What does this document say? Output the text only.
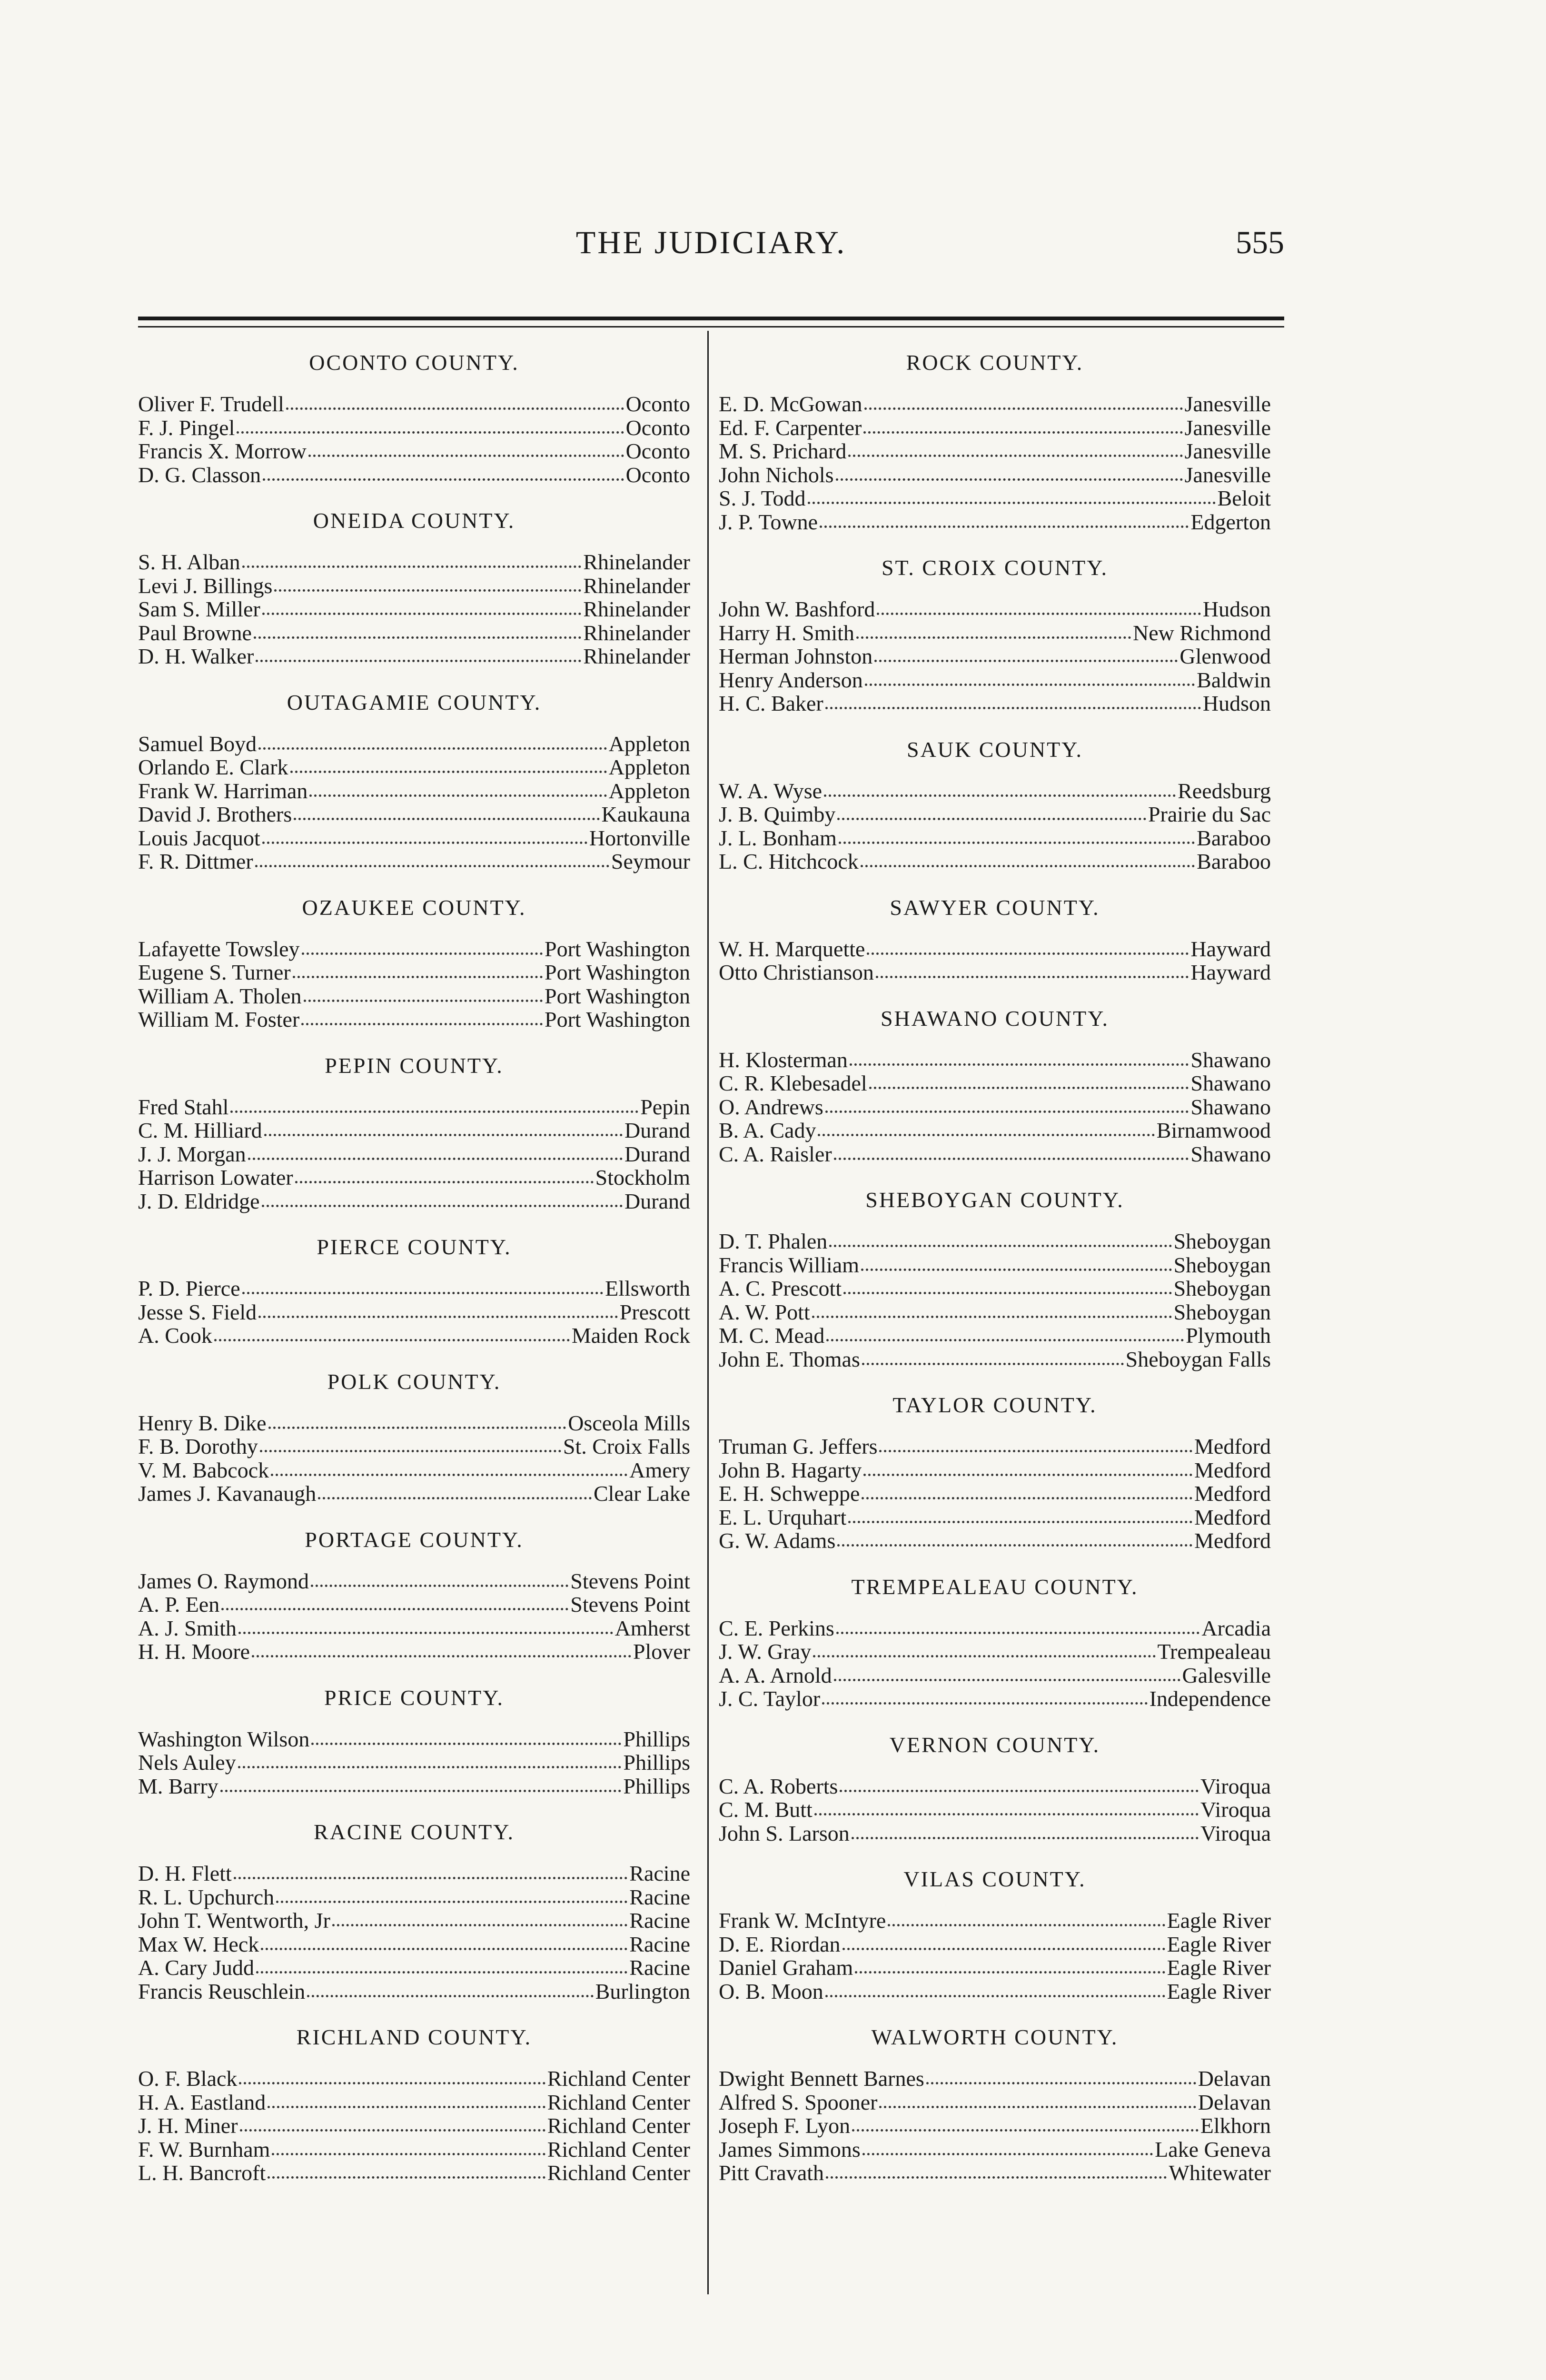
THE JUDICIARY.	555
OCONTO COUNTY.
Oliver F. Trudell	Oconto
F. J. Pingel	Oconto
Francis X. Morrow	Oconto
D. G. Classon	Oconto
ONEIDA COUNTY.
S. H. Alban	Rhinelander
Levi J. Billings	Rhinelander
Sam S. Miller	Rhinelander
Paul Browne	Rhinelander
D. H. Walker	Rhinelander
OUTAGAMIE COUNTY.
Samuel Boyd	Appleton
Orlando E. Clark	Appleton
Frank W. Harriman	Appleton
David J. Brothers	Kaukauna
Louis Jacquot	Hortonville
F. R. Dittmer	Seymour
OZAUKEE COUNTY.
Lafayette Towsley	Port Washington
Eugene S. Turner	Port Washington
William A. Tholen	Port Washington
William M. Foster	Port Washington
PEPIN COUNTY.
Fred Stahl	Pepin
C. M. Hilliard	Durand
J. J. Morgan	Durand
Harrison Lowater	Stockholm
J. D. Eldridge	Durand
PIERCE COUNTY.
P. D. Pierce	Ellsworth
Jesse S. Field	Prescott
A. Cook	Maiden Rock
POLK COUNTY.
Henry B. Dike	Osceola Mills
F. B. Dorothy	St. Croix Falls
V. M. Babcock	Amery
James J. Kavanaugh	Clear Lake
PORTAGE COUNTY.
James O. Raymond	Stevens Point
A. P. Een	Stevens Point
A. J. Smith	Amherst
H. H. Moore	Plover
PRICE COUNTY.
Washington Wilson	Phillips
Nels Auley	Phillips
M. Barry	Phillips
RACINE COUNTY.
D. H. Flett	Racine
R. L. Upchurch	Racine
John T. Wentworth, Jr	Racine
Max W. Heck	Racine
A. Cary Judd	Racine
Francis Reuschlein	Burlington
RICHLAND COUNTY.
O. F. Black	Richland Center
H. A. Eastland	Richland Center
J. H. Miner	Richland Center
F. W. Burnham	Richland Center
L. H. Bancroft	Richland Center
ROCK COUNTY.
E. D. McGowan	Janesville
Ed. F. Carpenter	Janesville
M. S. Prichard	Janesville
John Nichols	Janesville
S. J. Todd	Beloit
J. P. Towne	Edgerton
ST. CROIX COUNTY.
John W. Bashford	Hudson
Harry H. Smith	New Richmond
Herman Johnston	Glenwood
Henry Anderson	Baldwin
H. C. Baker	Hudson
SAUK COUNTY.
W. A. Wyse	Reedsburg
J. B. Quimby	Prairie du Sac
J. L. Bonham	Baraboo
L. C. Hitchcock	Baraboo
SAWYER COUNTY.
W. H. Marquette	Hayward
Otto Christianson	Hayward
SHAWANO COUNTY.
H. Klosterman	Shawano
C. R. Klebesadel	Shawano
O. Andrews	Shawano
B. A. Cady	Birnamwood
C. A. Raisler	Shawano
SHEBOYGAN COUNTY.
D. T. Phalen	Sheboygan
Francis William	Sheboygan
A. C. Prescott	Sheboygan
A. W. Pott	Sheboygan
M. C. Mead	Plymouth
John E. Thomas	Sheboygan Falls
TAYLOR COUNTY.
Truman G. Jeffers	Medford
John B. Hagarty	Medford
E. H. Schweppe	Medford
E. L. Urquhart	Medford
G. W. Adams	Medford
TREMPEALEAU COUNTY.
C. E. Perkins	Arcadia
J. W. Gray	Trempealeau
A. A. Arnold	Galesville
J. C. Taylor	Independence
VERNON COUNTY.
C. A. Roberts	Viroqua
C. M. Butt	Viroqua
John S. Larson	Viroqua
VILAS COUNTY.
Frank W. McIntyre	Eagle River
D. E. Riordan	Eagle River
Daniel Graham	Eagle River
O. B. Moon	Eagle River
WALWORTH COUNTY.
Dwight Bennett Barnes	Delavan
Alfred S. Spooner	Delavan
Joseph F. Lyon	Elkhorn
James Simmons	Lake Geneva
Pitt Cravath	Whitewater
